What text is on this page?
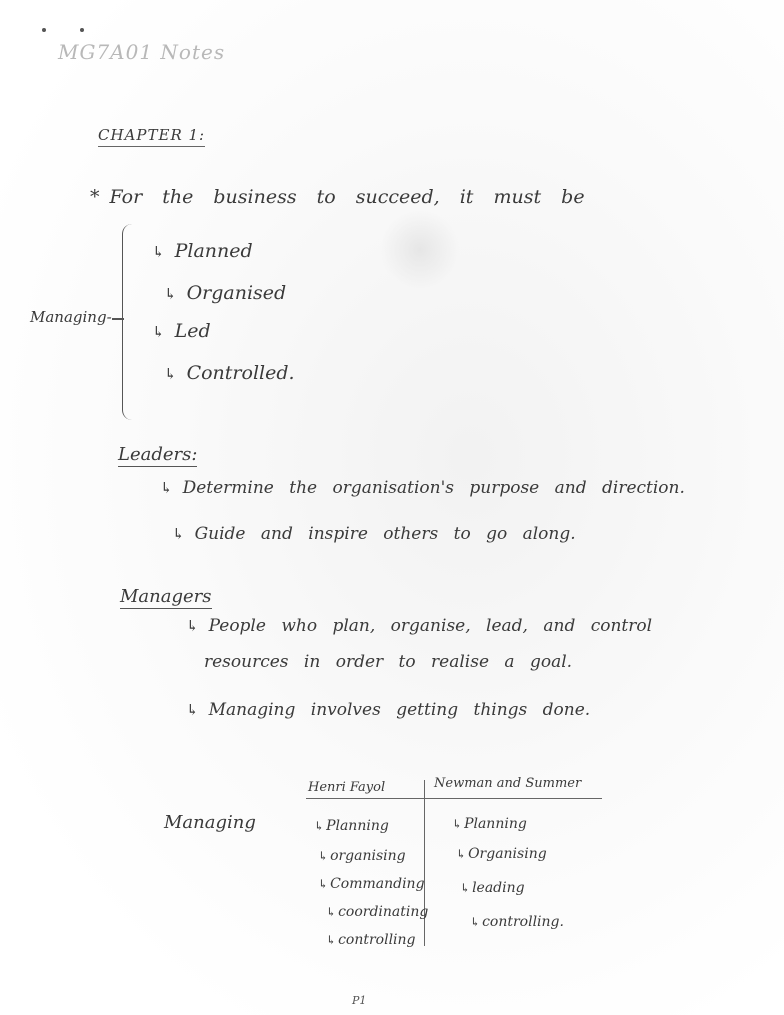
MG7A01 Notes
CHAPTER 1:
* For the business to succeed, it must be
Managing-
↳ Planned
↳ Organised
↳ Led
↳ Controlled.
Leaders:
↳ Determine the organisation's purpose and direction.
↳ Guide and inspire others to go along.
Managers
↳ People who plan, organise, lead, and control
resources in order to realise a goal.
↳ Managing involves getting things done.
Managing
Henri Fayol	Newman and Summer
↳ Planning
↳ organising
↳ Commanding
↳ coordinating
↳ controlling
↳ Planning
↳ Organising
↳ leading
↳ controlling.
P1
